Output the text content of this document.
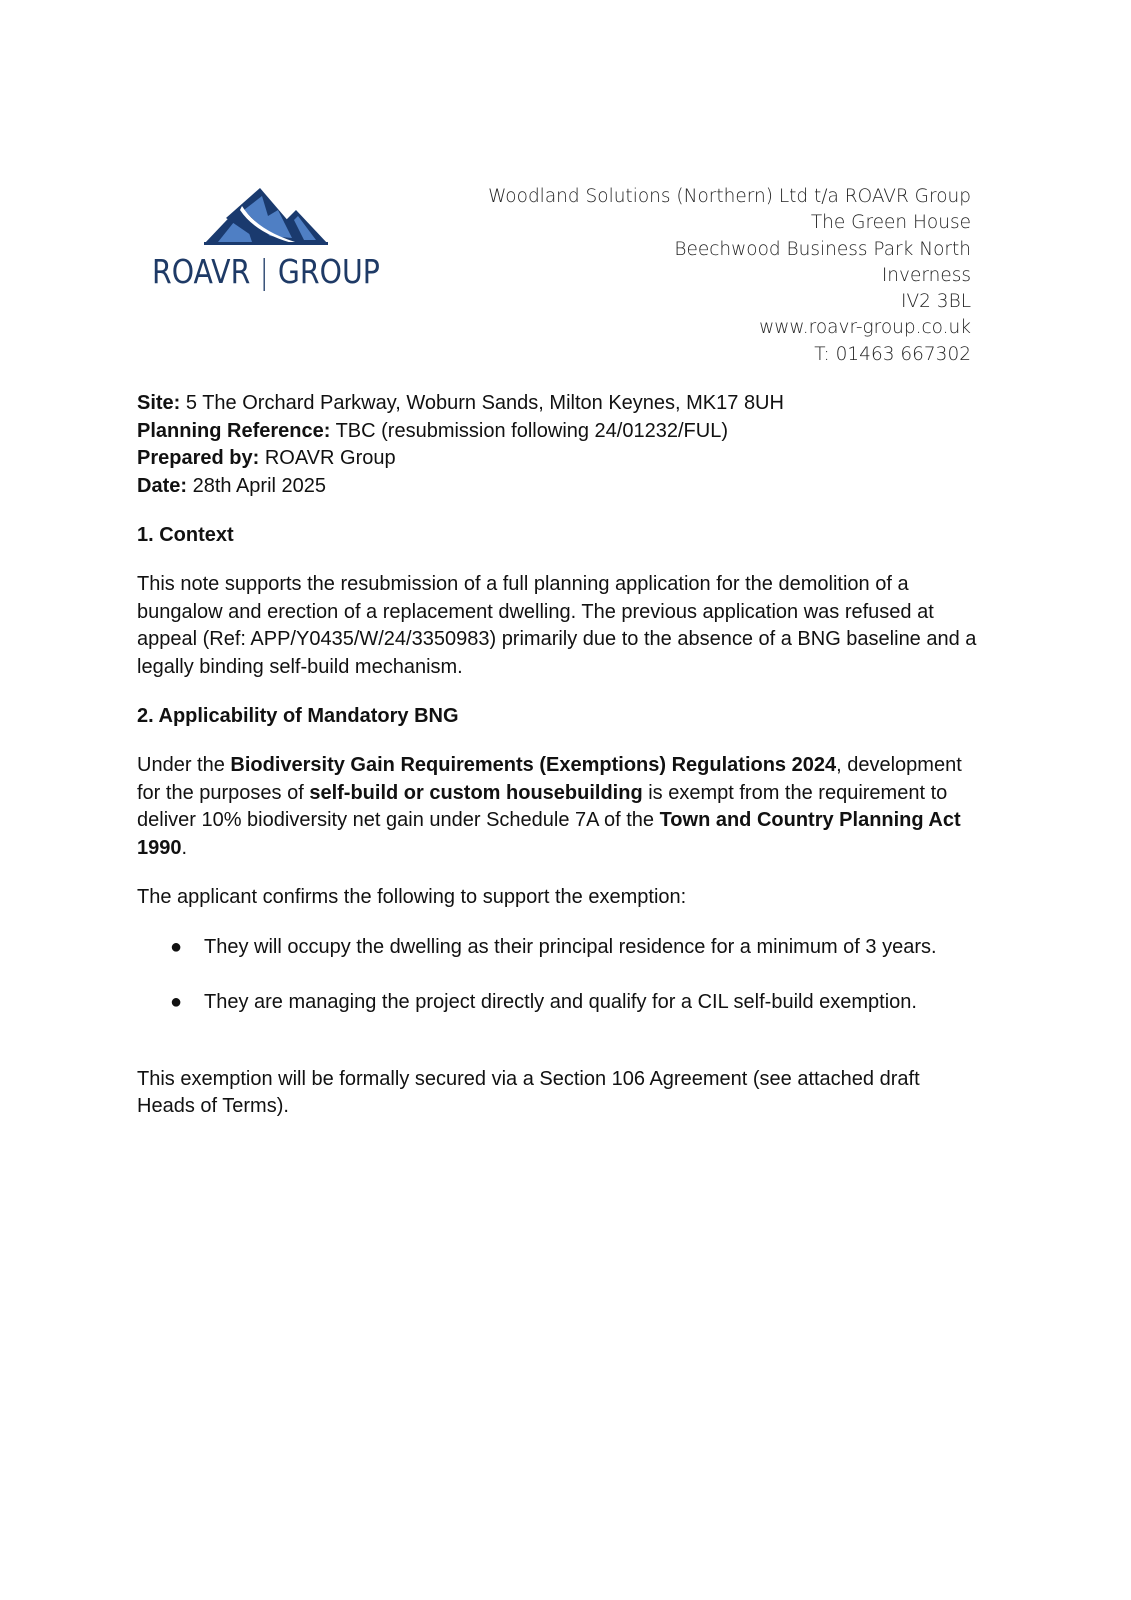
ROAVR | GROUP
Woodland Solutions (Northern) Ltd t/a ROAVR Group
The Green House
Beechwood Business Park North
Inverness
IV2 3BL
www.roavr-group.co.uk
T: 01463 667302
Site: 5 The Orchard Parkway, Woburn Sands, Milton Keynes, MK17 8UH
Planning Reference: TBC (resubmission following 24/01232/FUL)
Prepared by: ROAVR Group
Date: 28th April 2025
1. Context

This note supports the resubmission of a full planning application for the demolition of a bungalow and erection of a replacement dwelling. The previous application was refused at appeal (Ref: APP/Y0435/W/24/3350983) primarily due to the absence of a BNG baseline and a legally binding self-build mechanism.

2. Applicability of Mandatory BNG

Under the Biodiversity Gain Requirements (Exemptions) Regulations 2024, development for the purposes of self-build or custom housebuilding is exempt from the requirement to deliver 10% biodiversity net gain under Schedule 7A of the Town and Country Planning Act 1990.

The applicant confirms the following to support the exemption:

● They will occupy the dwelling as their principal residence for a minimum of 3 years.
● They are managing the project directly and qualify for a CIL self-build exemption.

This exemption will be formally secured via a Section 106 Agreement (see attached draft Heads of Terms).
